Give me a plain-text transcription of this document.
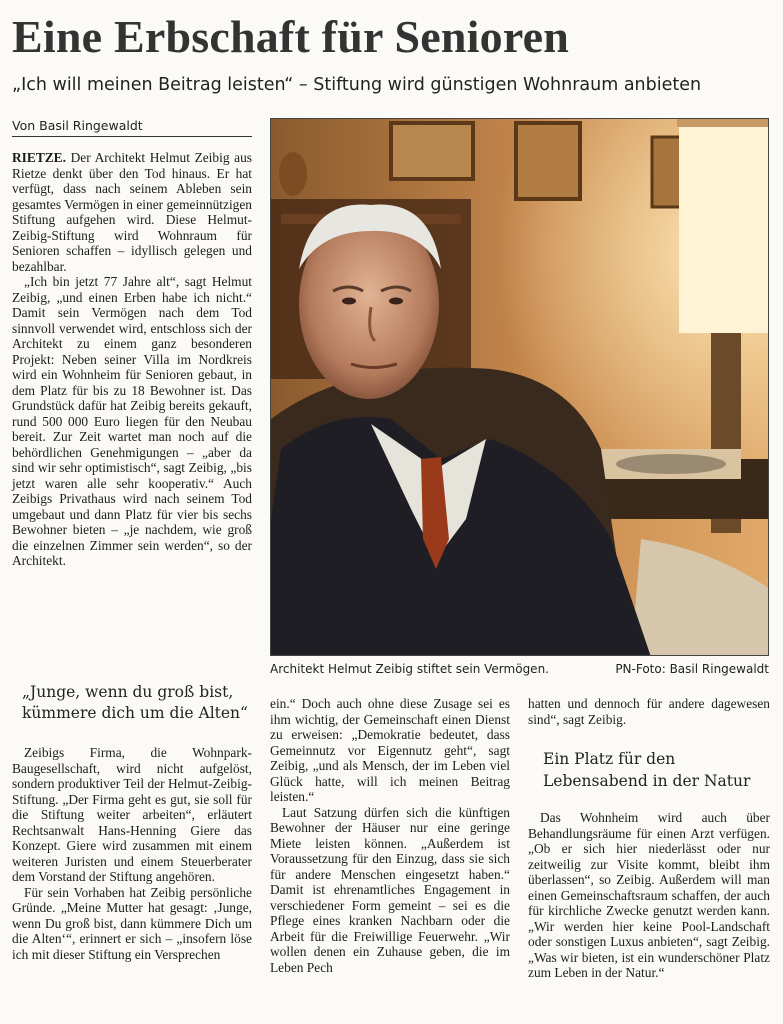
Eine Erbschaft für Senioren
„Ich will meinen Beitrag leisten“ – Stiftung wird günstigen Wohnraum anbieten
Von Basil Ringewaldt

RIETZE. Der Architekt Helmut Zeibig aus Rietze denkt über den Tod hinaus. Er hat verfügt, dass nach seinem Ableben sein gesamtes Vermögen in einer gemeinnützigen Stiftung aufgehen wird. Diese Helmut-Zeibig-Stiftung wird Wohnraum für Senioren schaffen – idyllisch gelegen und bezahlbar.

„Ich bin jetzt 77 Jahre alt“, sagt Helmut Zeibig, „und einen Erben habe ich nicht.“ Damit sein Vermögen nach dem Tod sinnvoll verwendet wird, entschloss sich der Architekt zu einem ganz besonderen Projekt: Neben seiner Villa im Nordkreis wird ein Wohnheim für Senioren gebaut, in dem Platz für bis zu 18 Bewohner ist. Das Grundstück dafür hat Zeibig bereits gekauft, rund 500 000 Euro liegen für den Neubau bereit. Zur Zeit wartet man noch auf die behördlichen Genehmigungen – „aber da sind wir sehr optimistisch“, sagt Zeibig, „bis jetzt waren alle sehr kooperativ.“ Auch Zeibigs Privathaus wird nach seinem Tod umgebaut und dann Platz für vier bis sechs Bewohner bieten – „je nachdem, wie groß die einzelnen Zimmer sein werden“, so der Architekt.

„Junge, wenn du groß bist, kümmere dich um die Alten“

Zeibigs Firma, die Wohnpark-Baugesellschaft, wird nicht aufgelöst, sondern produktiver Teil der Helmut-Zeibig-Stiftung. „Der Firma geht es gut, sie soll für die Stiftung weiter arbeiten“, erläutert Rechtsanwalt Hans-Henning Giere das Konzept. Giere wird zusammen mit einem weiteren Juristen und einem Steuerberater dem Vorstand der Stiftung angehören.

Für sein Vorhaben hat Zeibig persönliche Gründe. „Meine Mutter hat gesagt: ‚Junge, wenn Du groß bist, dann kümmere Dich um die Alten‘“, erinnert er sich – „insofern löse ich mit dieser Stiftung ein Versprechen

Architekt Helmut Zeibig stiftet sein Vermögen.	PN-Foto: Basil Ringewaldt

ein.“ Doch auch ohne diese Zusage sei es ihm wichtig, der Gemeinschaft einen Dienst zu erweisen: „Demokratie bedeutet, dass Gemeinnutz vor Eigennutz geht“, sagt Zeibig, „und als Mensch, der im Leben viel Glück hatte, will ich meinen Beitrag leisten.“

Laut Satzung dürfen sich die künftigen Bewohner der Häuser nur eine geringe Miete leisten können. „Außerdem ist Voraussetzung für den Einzug, dass sie sich für andere Menschen eingesetzt haben.“ Damit ist ehrenamtliches Engagement in verschiedener Form gemeint – sei es die Pflege eines kranken Nachbarn oder die Arbeit für die Freiwillige Feuerwehr. „Wir wollen denen ein Zuhause geben, die im Leben Pech

hatten und dennoch für andere dagewesen sind“, sagt Zeibig.

Ein Platz für den Lebensabend in der Natur

Das Wohnheim wird auch über Behandlungsräume für einen Arzt verfügen. „Ob er sich hier niederlässt oder nur zeitweilig zur Visite kommt, bleibt ihm überlassen“, so Zeibig. Außerdem will man einen Gemeinschaftsraum schaffen, der auch für kirchliche Zwecke genutzt werden kann. „Wir werden hier keine Pool-Landschaft oder sonstigen Luxus anbieten“, sagt Zeibig. „Was wir bieten, ist ein wunderschöner Platz zum Leben in der Natur.“
